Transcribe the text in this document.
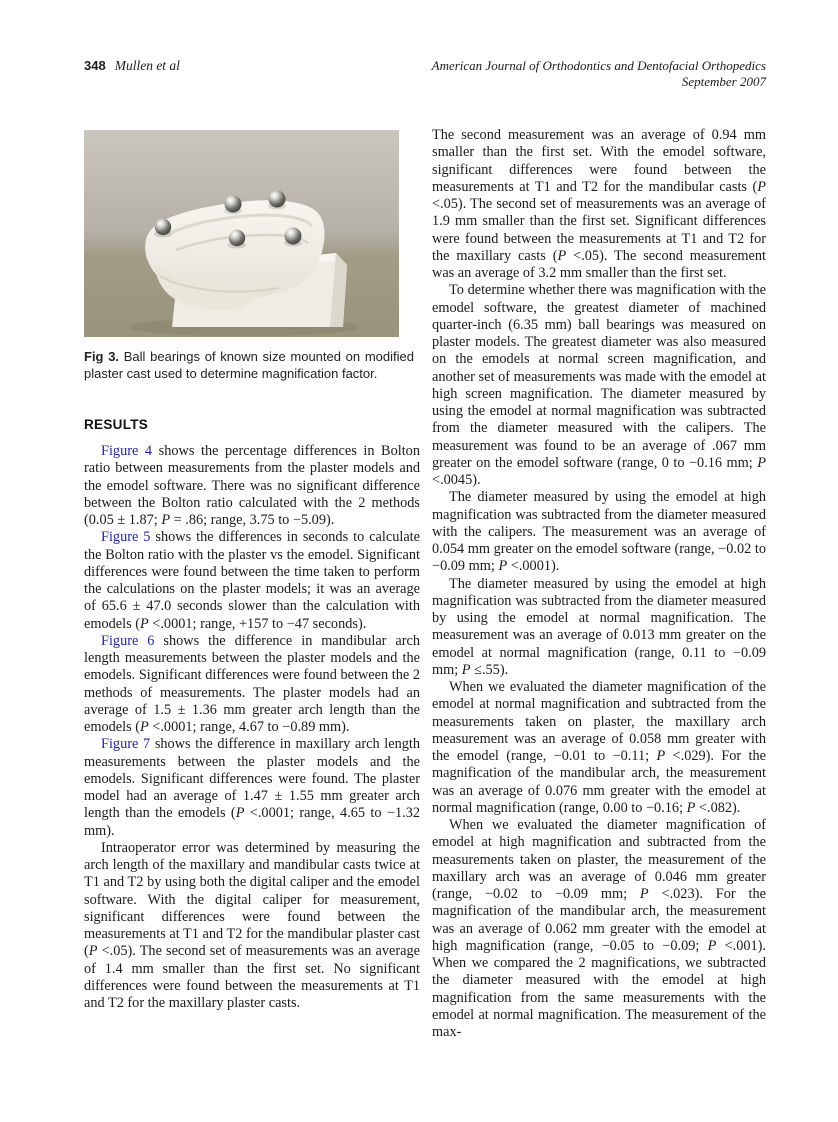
348 Mullen et al	American Journal of Orthodontics and Dentofacial Orthopedics
September 2007
Fig 3. Ball bearings of known size mounted on modified plaster cast used to determine magnification factor.
RESULTS

Figure 4 shows the percentage differences in Bolton ratio between measurements from the plaster models and the emodel software. There was no significant difference between the Bolton ratio calculated with the 2 methods (0.05 ± 1.87; P = .86; range, 3.75 to −5.09).

Figure 5 shows the differences in seconds to calculate the Bolton ratio with the plaster vs the emodel. Significant differences were found between the time taken to perform the calculations on the plaster models; it was an average of 65.6 ± 47.0 seconds slower than the calculation with emodels (P <.0001; range, +157 to −47 seconds).

Figure 6 shows the difference in mandibular arch length measurements between the plaster models and the emodels. Significant differences were found between the 2 methods of measurements. The plaster models had an average of 1.5 ± 1.36 mm greater arch length than the emodels (P <.0001; range, 4.67 to −0.89 mm).

Figure 7 shows the difference in maxillary arch length measurements between the plaster models and the emodels. Significant differences were found. The plaster model had an average of 1.47 ± 1.55 mm greater arch length than the emodels (P <.0001; range, 4.65 to −1.32 mm).

Intraoperator error was determined by measuring the arch length of the maxillary and mandibular casts twice at T1 and T2 by using both the digital caliper and the emodel software. With the digital caliper for measurement, significant differences were found between the measurements at T1 and T2 for the mandibular plaster cast (P <.05). The second set of measurements was an average of 1.4 mm smaller than the first set. No significant differences were found between the measurements at T1 and T2 for the maxillary plaster casts.

The second measurement was an average of 0.94 mm smaller than the first set. With the emodel software, significant differences were found between the measurements at T1 and T2 for the mandibular casts (P <.05). The second set of measurements was an average of 1.9 mm smaller than the first set. Significant differences were found between the measurements at T1 and T2 for the maxillary casts (P <.05). The second measurement was an average of 3.2 mm smaller than the first set.

To determine whether there was magnification with the emodel software, the greatest diameter of machined quarter-inch (6.35 mm) ball bearings was measured on plaster models. The greatest diameter was also measured on the emodels at normal screen magnification, and another set of measurements was made with the emodel at high screen magnification. The diameter measured by using the emodel at normal magnification was subtracted from the diameter measured with the calipers. The measurement was found to be an average of .067 mm greater on the emodel software (range, 0 to −0.16 mm; P <.0045).

The diameter measured by using the emodel at high magnification was subtracted from the diameter measured with the calipers. The measurement was an average of 0.054 mm greater on the emodel software (range, −0.02 to −0.09 mm; P <.0001).

The diameter measured by using the emodel at high magnification was subtracted from the diameter measured by using the emodel at normal magnification. The measurement was an average of 0.013 mm greater on the emodel at normal magnification (range, 0.11 to −0.09 mm; P ≤.55).

When we evaluated the diameter magnification of the emodel at normal magnification and subtracted from the measurements taken on plaster, the maxillary arch measurement was an average of 0.058 mm greater with the emodel (range, −0.01 to −0.11; P <.029). For the magnification of the mandibular arch, the measurement was an average of 0.076 mm greater with the emodel at normal magnification (range, 0.00 to −0.16; P <.082).

When we evaluated the diameter magnification of emodel at high magnification and subtracted from the measurements taken on plaster, the measurement of the maxillary arch was an average of 0.046 mm greater (range, −0.02 to −0.09 mm; P <.023). For the magnification of the mandibular arch, the measurement was an average of 0.062 mm greater with the emodel at high magnification (range, −0.05 to −0.09; P <.001). When we compared the 2 magnifications, we subtracted the diameter measured with the emodel at high magnification from the same measurements with the emodel at normal magnification. The measurement of the max-
